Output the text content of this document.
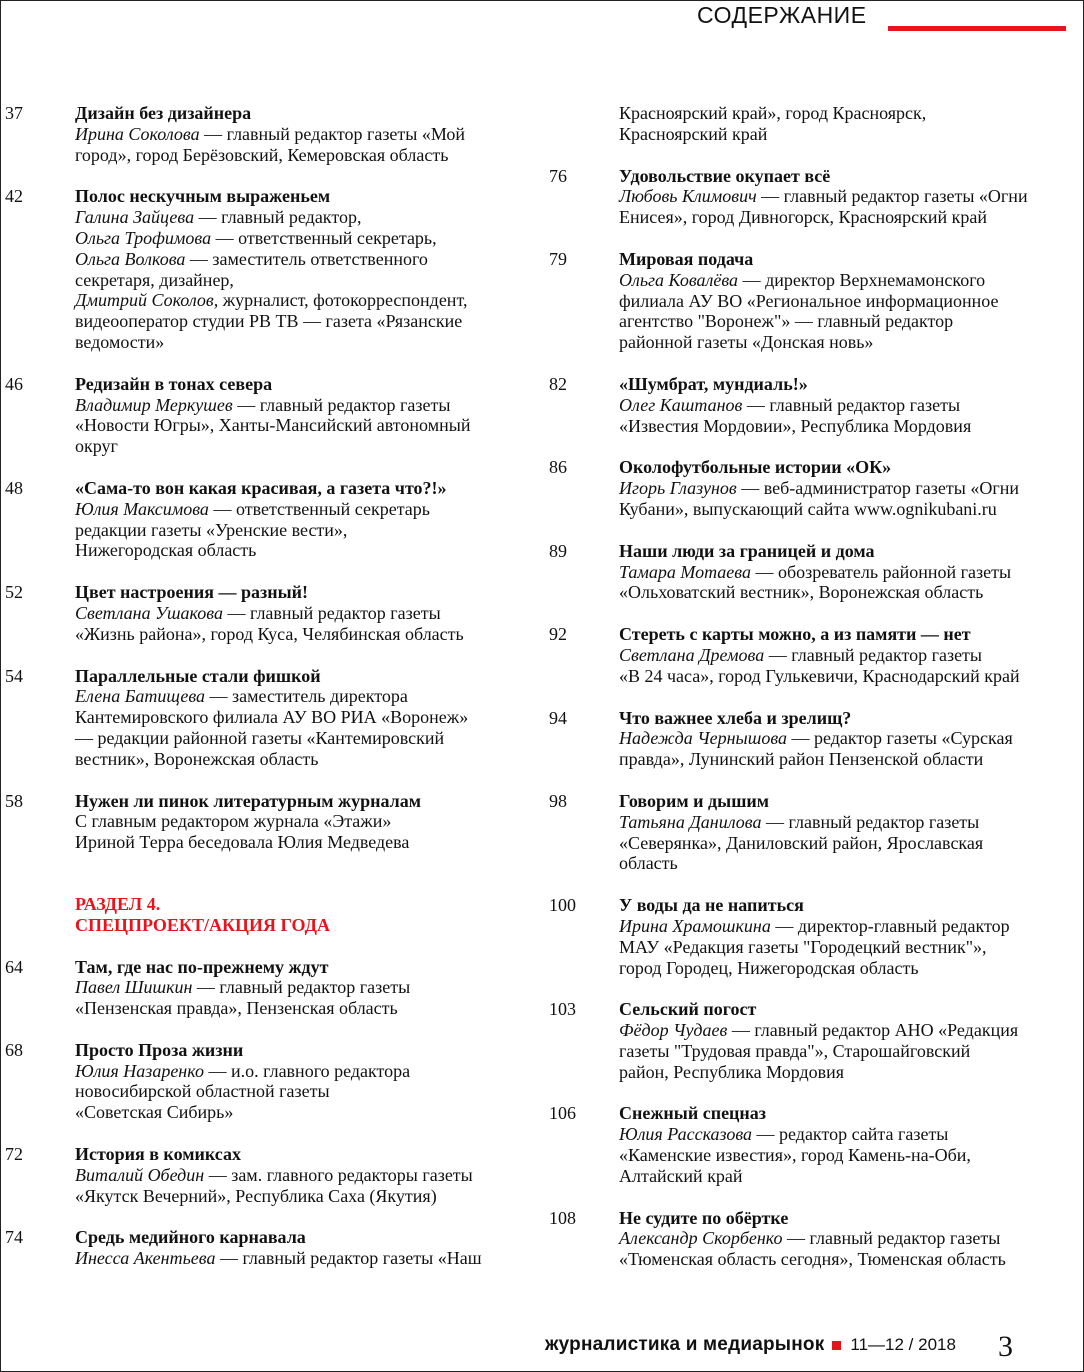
СОДЕРЖАНИЕ
37	Дизайн без дизайнера
Ирина Соколова — главный редактор газеты «Мой
город», город Берёзовский, Кемеровская область
42	Полос нескучным выраженьем
Галина Зайцева — главный редактор,
Ольга Трофимова — ответственный секретарь,
Ольга Волкова — заместитель ответственного
секретаря, дизайнер,
Дмитрий Соколов, журналист, фотокорреспондент,
видеооператор студии РВ ТВ — газета «Рязанские
ведомости»
46	Редизайн в тонах севера
Владимир Меркушев — главный редактор газеты
«Новости Югры», Ханты-Мансийский автономный
округ
48	«Сама-то вон какая красивая, а газета что?!»
Юлия Максимова — ответственный секретарь
редакции газеты «Уренские вести»,
Нижегородская область
52	Цвет настроения — разный!
Светлана Ушакова — главный редактор газеты
«Жизнь района», город Куса, Челябинская область
54	Параллельные стали фишкой
Елена Батищева — заместитель директора
Кантемировского филиала АУ ВО РИА «Воронеж»
— редакции районной газеты «Кантемировский
вестник», Воронежская область
58	Нужен ли пинок литературным журналам
С главным редактором журнала «Этажи»
Ириной Терра беседовала Юлия Медведева
РАЗДЕЛ 4.
СПЕЦПРОЕКТ/АКЦИЯ ГОДА
64	Там, где нас по-прежнему ждут
Павел Шишкин — главный редактор газеты
«Пензенская правда», Пензенская область
68	Просто Проза жизни
Юлия Назаренко — и.о. главного редактора
новосибирской областной газеты
«Советская Сибирь»
72	История в комиксах
Виталий Обедин — зам. главного редакторы газеты
«Якутск Вечерний», Республика Саха (Якутия)
74	Средь медийного карнавала
Инесса Акентьева — главный редактор газеты «Наш
Красноярский край», город Красноярск,
Красноярский край
76	Удовольствие окупает всё
Любовь Климович — главный редактор газеты «Огни
Енисея», город Дивногорск, Красноярский край
79	Мировая подача
Ольга Ковалёва — директор Верхнемамонского
филиала АУ ВО «Региональное информационное
агентство "Воронеж"» — главный редактор
районной газеты «Донская новь»
82	«Шумбрат, мундиаль!»
Олег Каштанов — главный редактор газеты
«Известия Мордовии», Республика Мордовия
86	Околофутбольные истории «ОК»
Игорь Глазунов — веб-администратор газеты «Огни
Кубани», выпускающий сайта www.ognikubani.ru
89	Наши люди за границей и дома
Тамара Мотаева — обозреватель районной газеты
«Ольховатский вестник», Воронежская область
92	Стереть с карты можно, а из памяти — нет
Светлана Дремова — главный редактор газеты
«В 24 часа», город Гулькевичи, Краснодарский край
94	Что важнее хлеба и зрелищ?
Надежда Чернышова — редактор газеты «Сурская
правда», Лунинский район Пензенской области
98	Говорим и дышим
Татьяна Данилова — главный редактор газеты
«Северянка», Даниловский район, Ярославская
область
100 У воды да не напиться
Ирина Храмошкина — директор-главный редактор
МАУ «Редакция газеты "Городецкий вестник"»,
город Городец, Нижегородская область
103 Сельский погост
Фёдор Чудаев — главный редактор АНО «Редакция
газеты "Трудовая правда"», Старошайговский
район, Республика Мордовия
106 Снежный спецназ
Юлия Рассказова — редактор сайта газеты
«Каменские известия», город Камень-на-Оби,
Алтайский край
108 Не судите по обёртке
Александр Скорбенко — главный редактор газеты
«Тюменская область сегодня», Тюменская область
журналистика и медиарынок 11—12 / 2018 3
